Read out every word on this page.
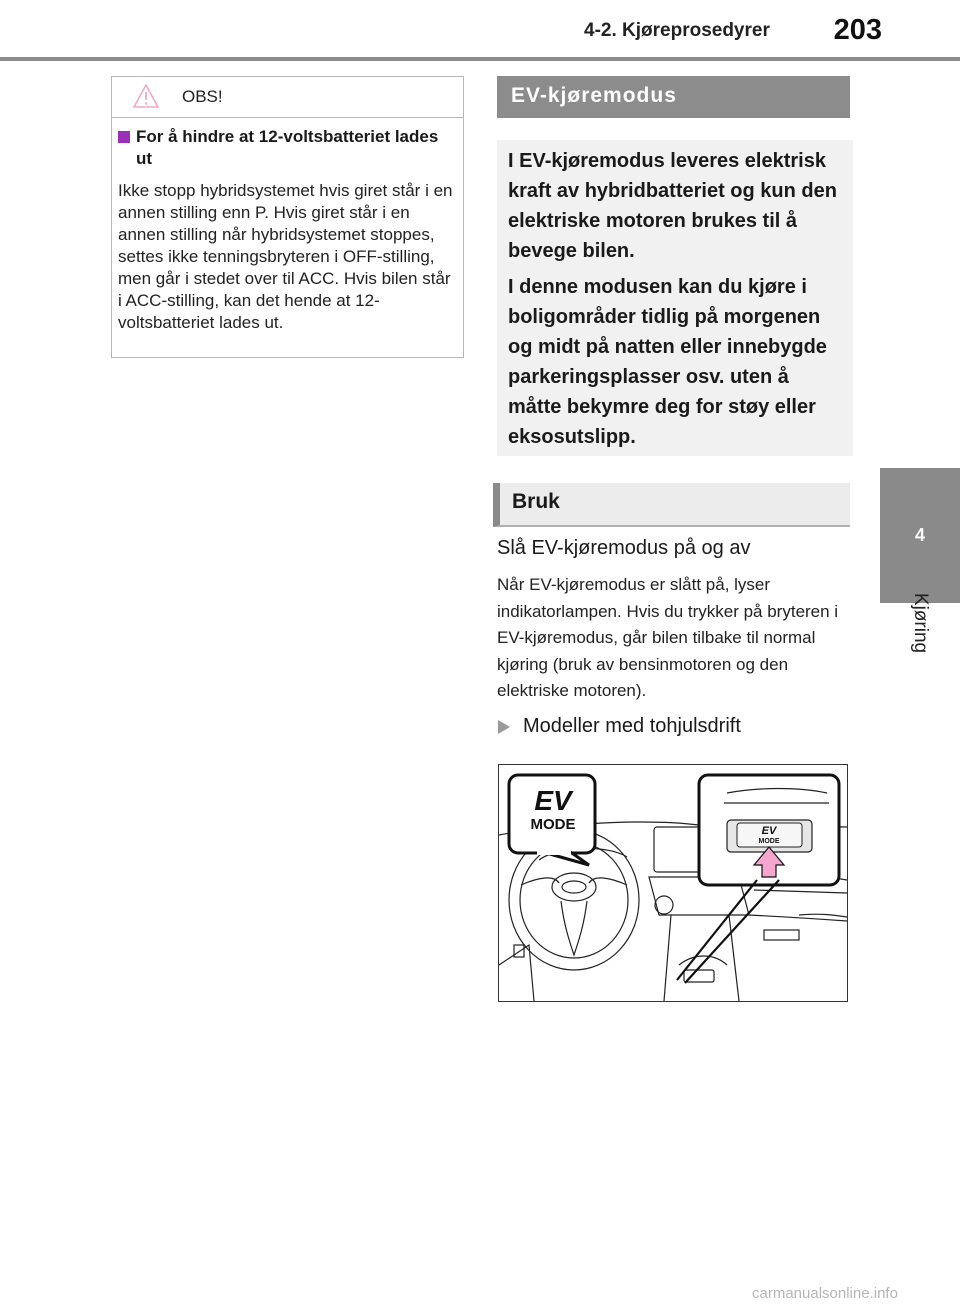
4-2. Kjøreprosedyrer 203
4
Kjøring
OBS!
For å hindre at 12-voltsbatteriet lades ut
Ikke stopp hybridsystemet hvis giret står i en annen stilling enn P. Hvis giret står i en annen stilling når hybridsystemet stoppes, settes ikke tenningsbryteren i OFF-stilling, men går i stedet over til ACC. Hvis bilen står i ACC-stilling, kan det hende at 12-voltsbatteriet lades ut.
EV-kjøremodus

I EV-kjøremodus leveres elektrisk kraft av hybridbatteriet og kun den elektriske motoren brukes til å bevege bilen.

I denne modusen kan du kjøre i boligområder tidlig på morgenen og midt på natten eller innebygde parkeringsplasser osv. uten å måtte bekymre deg for støy eller eksosutslipp.

Bruk
Slå EV-kjøremodus på og av
Når EV-kjøremodus er slått på, lyser indikatorlampen. Hvis du trykker på bryteren i EV-kjøremodus, går bilen tilbake til normal kjøring (bruk av bensinmotoren og den elektriske motoren).
Modeller med tohjulsdrift
EV
MODE	EV
MODE
carmanualsonline.info
